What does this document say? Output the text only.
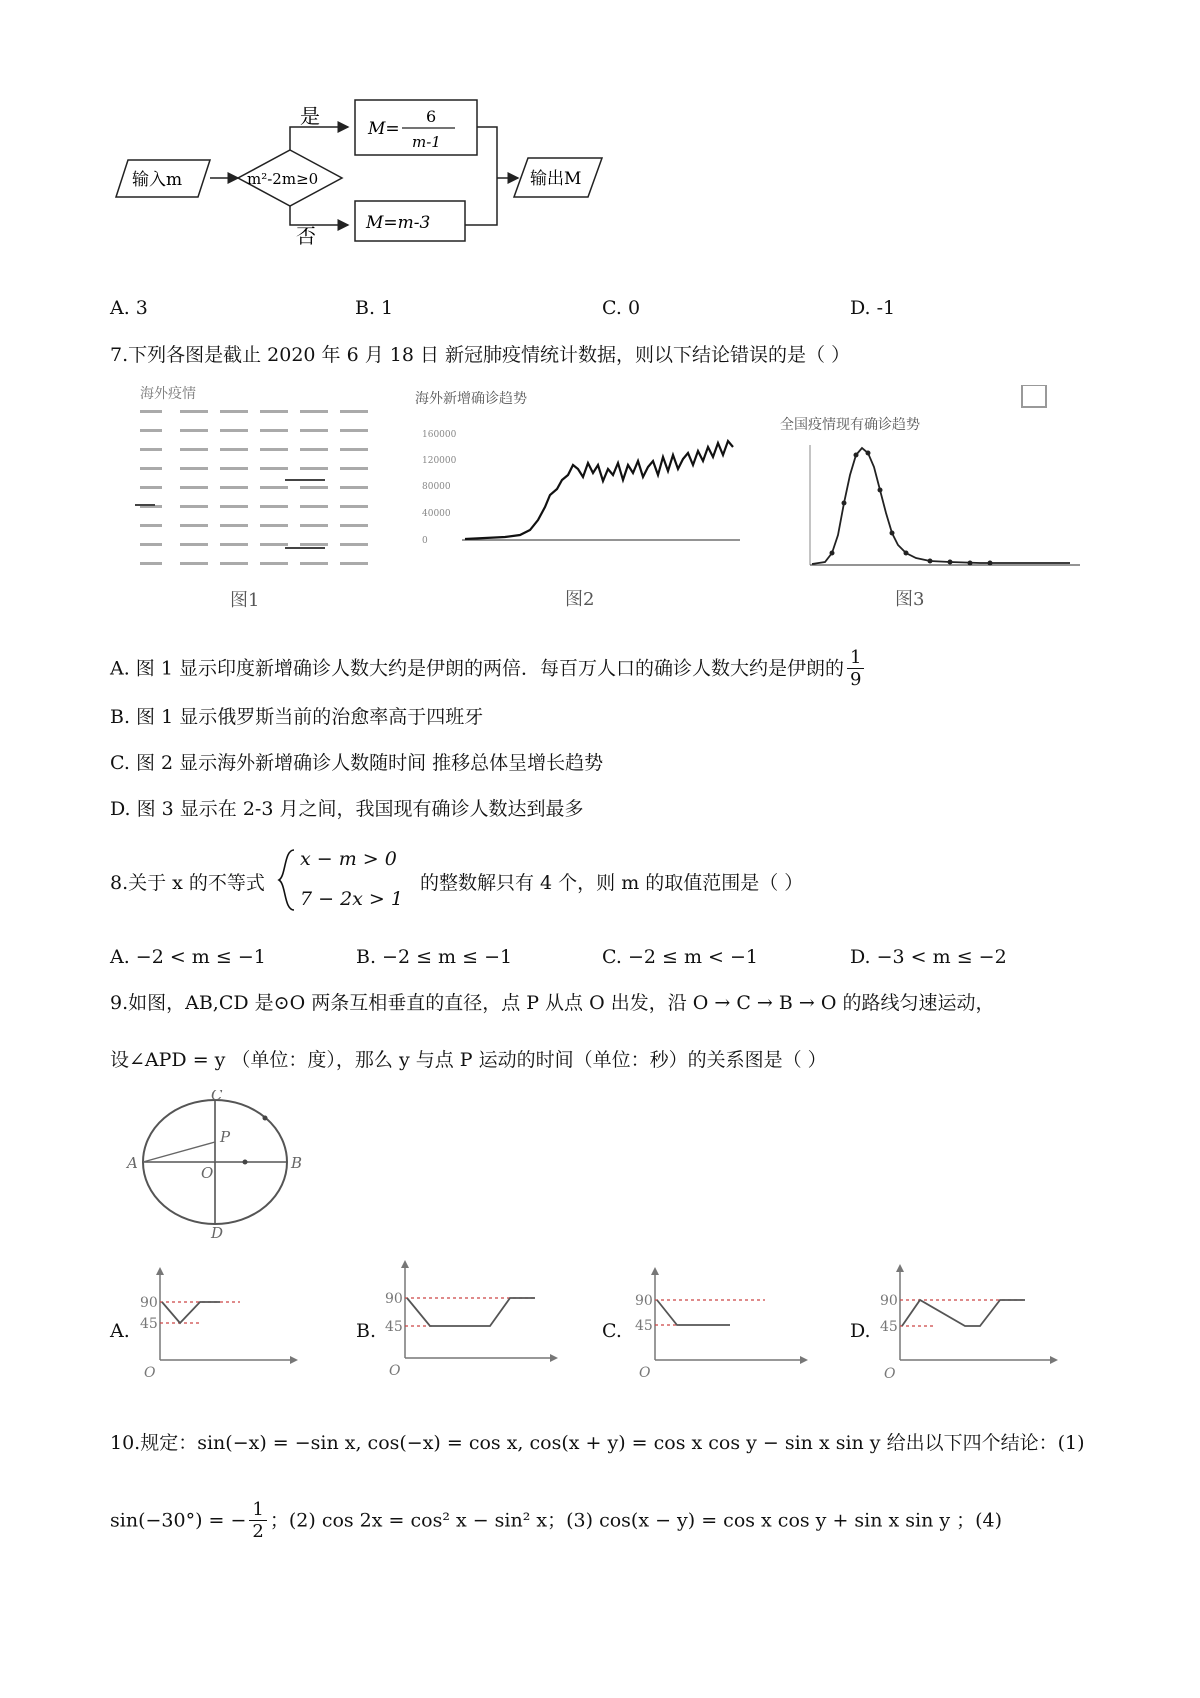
输入m	m²-2m≥0
是
M=
6
m-1
否
M=m-3
输出M
A. 3	B. 1	C. 0	D. -1
7.下列各图是截止 2020 年 6 月 18 日 新冠肺疫情统计数据，则以下结论错误的是（ ）
海外疫情
图1
海外新增确诊趋势
160000
120000
80000
40000
0
图2
全国疫情现有确诊趋势
图3
A. 图 1 显示印度新增确诊人数大约是伊朗的两倍．每百万人口的确诊人数大约是伊朗的 $\frac{1}{9}$
B. 图 1 显示俄罗斯当前的治愈率高于四班牙
C. 图 2 显示海外新增确诊人数随时间 推移总体呈增长趋势
D. 图 3 显示在 2-3 月之间，我国现有确诊人数达到最多
8.关于 x 的不等式
x − m > 0
7 − 2x > 1
的整数解只有 4 个，则 m 的取值范围是（ ）
A. −2 < m ≤ −1	B. −2 ≤ m ≤ −1	C. −2 ≤ m < −1	D. −3 < m ≤ −2
9.如图，AB,CD 是⊙O 两条互相垂直的直径，点 P 从点 O 出发，沿 O → C → B → O 的路线匀速运动，
设∠APD = y （单位：度），那么 y 与点 P 运动的时间（单位：秒）的关系图是（ ）
A	B
C
D
O
P
A.
90
45
O
B.
90
45
O
C.
90
45
O
D.
90
45
O
10.规定：sin(−x) = −sin x, cos(−x) = cos x, cos(x + y) = cos x cos y − sin x sin y 给出以下四个结论：(1)
sin(−30°) = − $\frac{1}{2}$ ；(2) cos 2x = cos² x − sin² x；(3) cos(x − y) = cos x cos y + sin x sin y ；(4)
